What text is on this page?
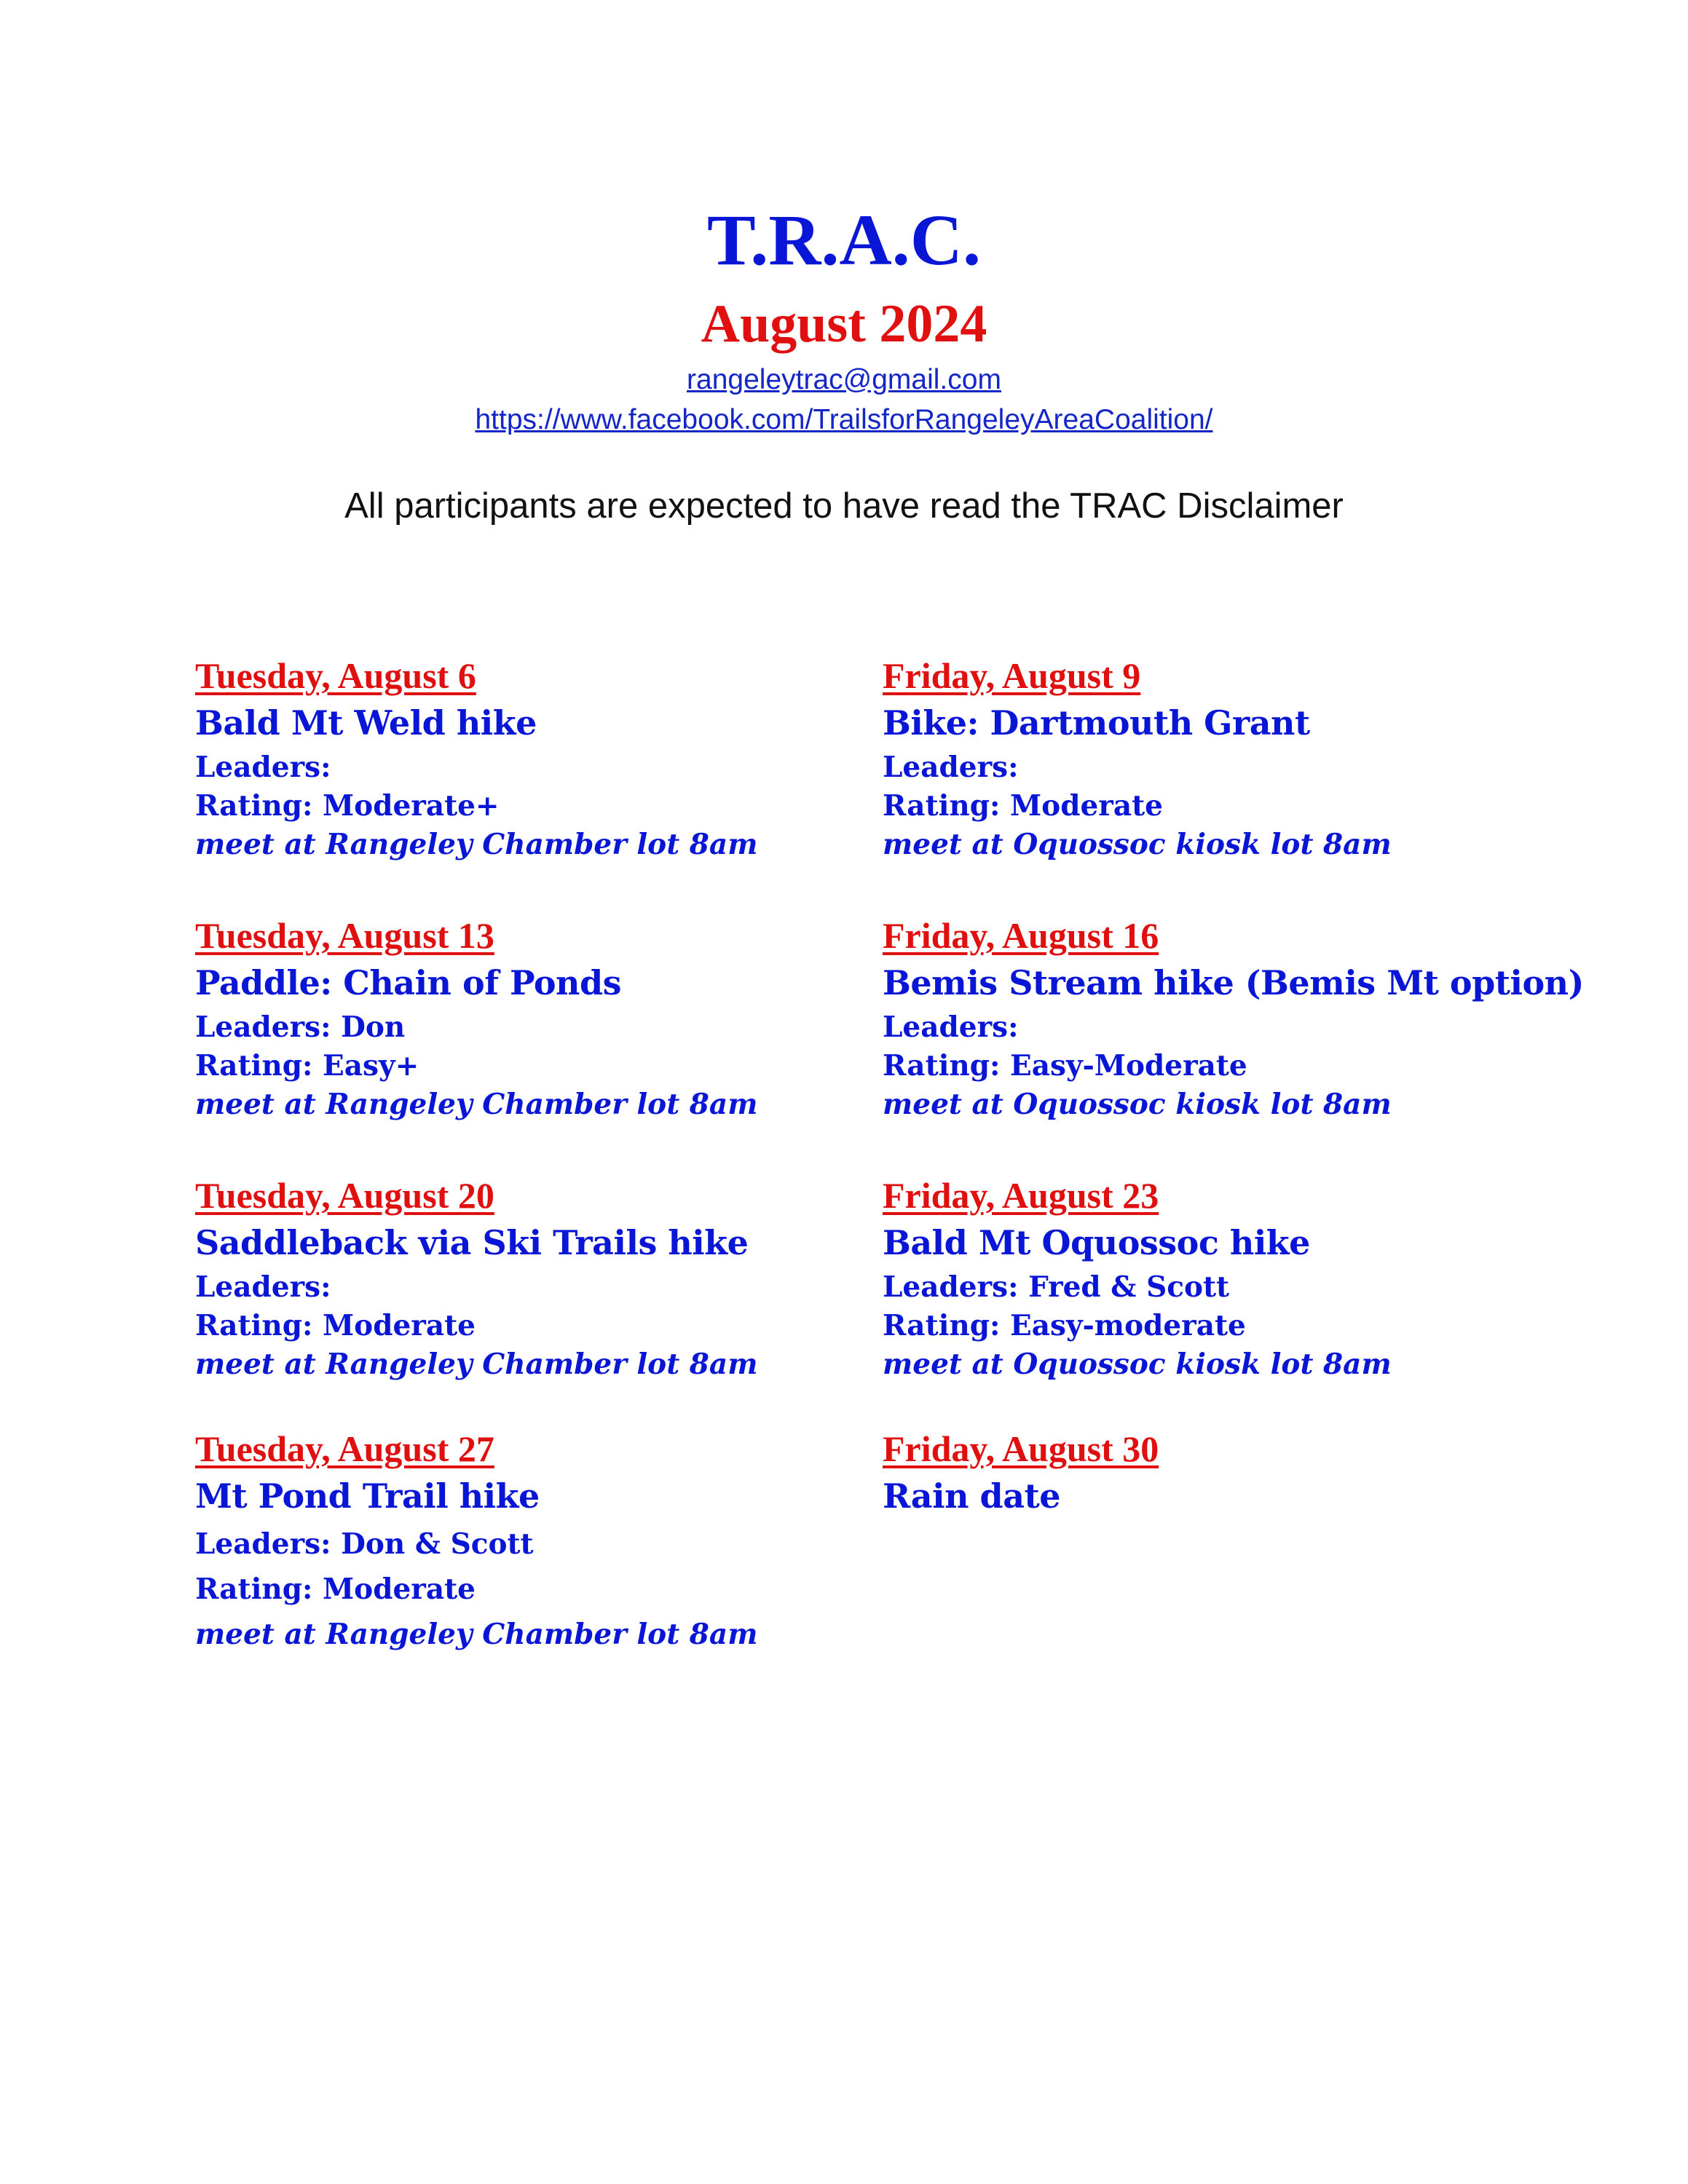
T.R.A.C.
August 2024
rangeleytrac@gmail.com
https://www.facebook.com/TrailsforRangeleyAreaCoalition/
All participants are expected to have read the TRAC Disclaimer
Tuesday, August 6
Bald Mt Weld hike
Leaders:
Rating: Moderate+
meet at Rangeley Chamber lot 8am
Tuesday, August 13
Paddle: Chain of Ponds
Leaders: Don
Rating: Easy+
meet at Rangeley Chamber lot 8am
Tuesday, August 20
Saddleback via Ski Trails hike
Leaders:
Rating: Moderate
meet at Rangeley Chamber lot 8am
Tuesday, August 27
Mt Pond Trail hike
Leaders: Don & Scott
Rating: Moderate
meet at Rangeley Chamber lot 8am
Friday, August 9
Bike: Dartmouth Grant
Leaders:
Rating: Moderate
meet at Oquossoc kiosk lot 8am
Friday, August 16
Bemis Stream hike (Bemis Mt option)
Leaders:
Rating: Easy-Moderate
meet at Oquossoc kiosk lot 8am
Friday, August 23
Bald Mt Oquossoc hike
Leaders: Fred & Scott
Rating: Easy-moderate
meet at Oquossoc kiosk lot 8am
Friday, August 30
Rain date
